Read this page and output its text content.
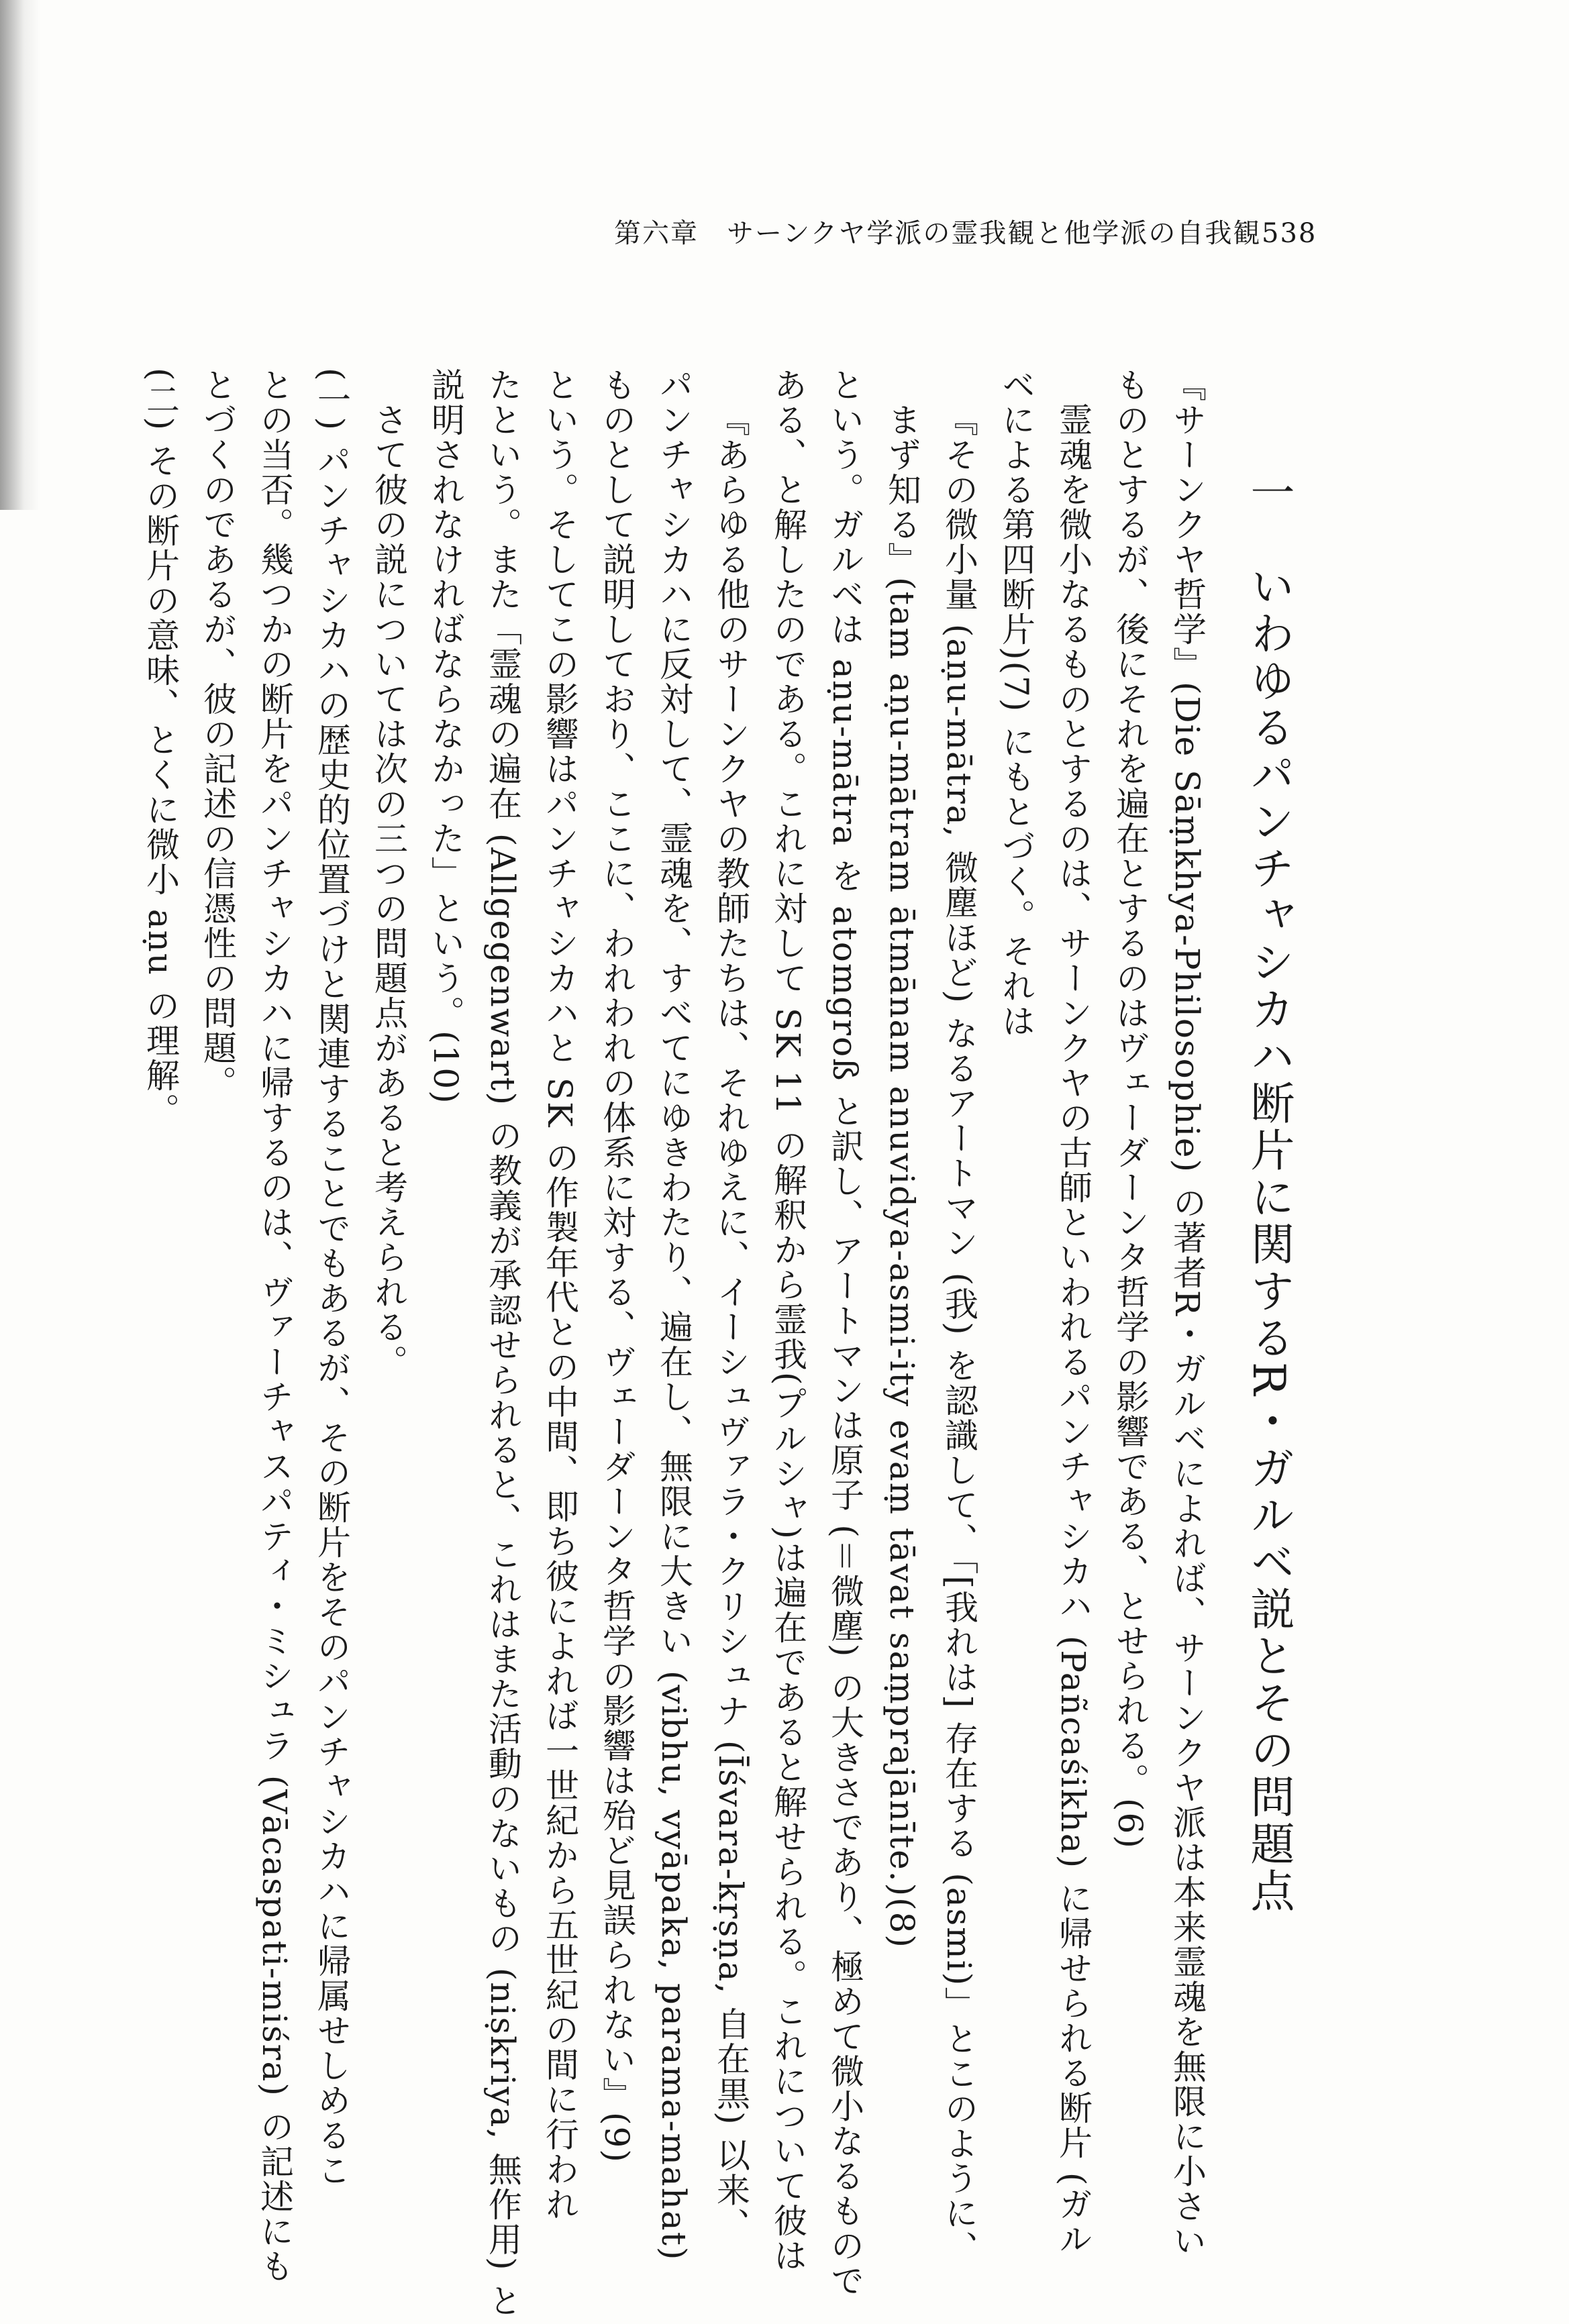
第六章　サーンクヤ学派の霊我観と他学派の自我観 538
一　いわゆるパンチャシカハ断片に関するR・ガルベ説とその問題点
『サーンクヤ哲学』(Die Sāṃkhya-Philosophie) の著者R・ガルベによれば、サーンクヤ派は本来霊魂を無限に小さい
ものとするが、後にそれを遍在とするのはヴェーダーンタ哲学の影響である、とせられる。(6)
霊魂を微小なるものとするのは、サーンクヤの古師といわれるパンチャシカハ (Pañcaśikha) に帰せられる断片 (ガル
ベによる第四断片)(7) にもとづく。それは
『その微小量 (aṇu-mātra, 微塵ほど) なるアートマン (我) を認識して、「[我れは] 存在する (asmi)」とこのように、
まず知る』(tam aṇu-mātram ātmānam anuvidya-asmi-ity evaṃ tāvat saṃprajānīte.)(8)
という。ガルベは aṇu-mātra を atomgroß と訳し、アートマンは原子 (＝微塵) の大きさであり、極めて微小なるもので
ある、と解したのである。これに対して SK 11 の解釈から霊我(プルシャ)は遍在であると解せられる。これについて彼は
『あらゆる他のサーンクヤの教師たちは、それゆえに、イーシュヴァラ・クリシュナ (Īśvara-kṛṣṇa, 自在黒) 以来、
パンチャシカハに反対して、霊魂を、すべてにゆきわたり、遍在し、無限に大きい (vibhu, vyāpaka, parama-mahat)
ものとして説明しており、ここに、われわれの体系に対する、ヴェーダーンタ哲学の影響は殆ど見誤られない』(9)
という。そしてこの影響はパンチャシカハと SK の作製年代との中間、即ち彼によれば一世紀から五世紀の間に行われ
たという。また「霊魂の遍在 (Allgegenwart) の教義が承認せられると、これはまた活動のないもの (niṣkriya, 無作用) と
説明されなければならなかった」という。(10)
さて彼の説については次の三つの問題点があると考えられる。
(一) パンチャシカハの歴史的位置づけと関連することでもあるが、その断片をそのパンチャシカハに帰属せしめるこ
との当否。幾つかの断片をパンチャシカハに帰するのは、ヴァーチャスパティ・ミシュラ (Vācaspati-miśra) の記述にも
とづくのであるが、彼の記述の信憑性の問題。
(二) その断片の意味、とくに微小 aṇu の理解。
